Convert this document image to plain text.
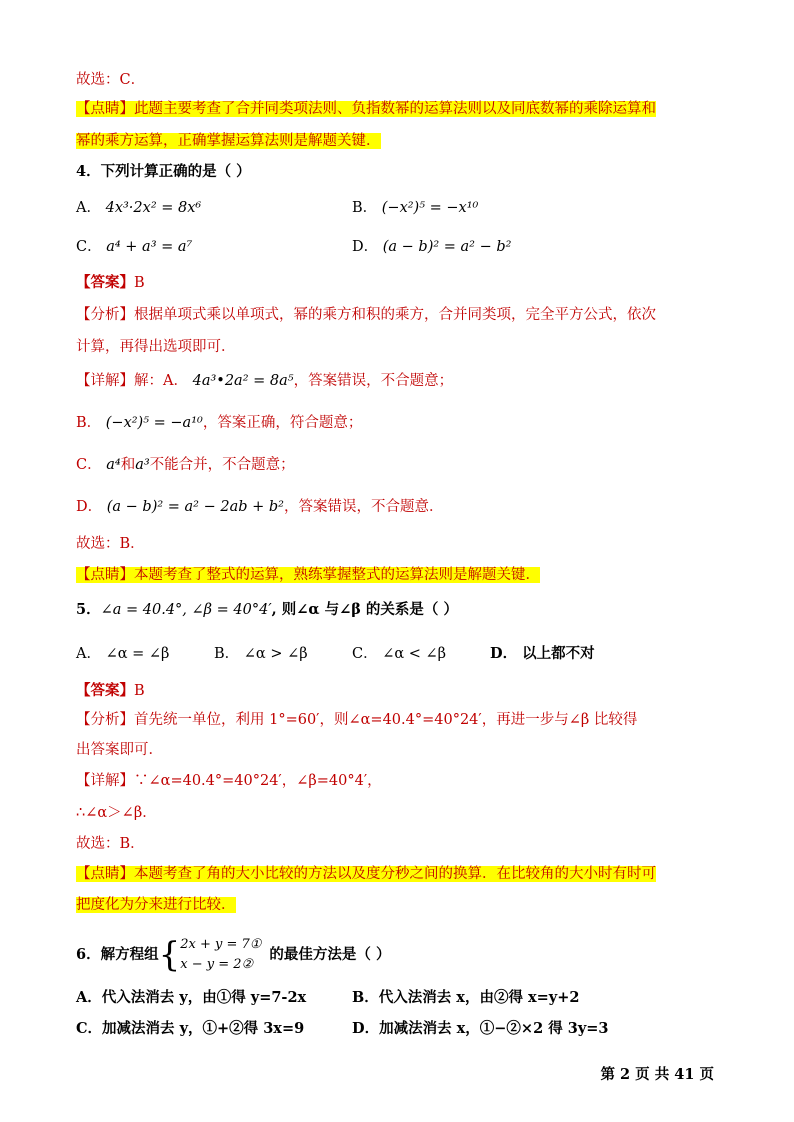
故选：C．
【点睛】此题主要考查了合并同类项法则、负指数幂的运算法则以及同底数幂的乘除运算和
幂的乘方运算，正确掌握运算法则是解题关键．
4．下列计算正确的是（ ）
A． 4x³·2x² = 8x⁶	B． (−x²)⁵ = −x¹⁰
C． a⁴ + a³ = a⁷	D． (a − b)² = a² − b²
【答案】B
【分析】根据单项式乘以单项式，幂的乘方和积的乘方，合并同类项，完全平方公式，依次
计算，再得出选项即可．
【详解】解：A． 4a³•2a² = 8a⁵，答案错误，不合题意；
B． (−x²)⁵ = −a¹⁰，答案正确，符合题意；
C． a⁴和a³不能合并，不合题意；
D． (a − b)² = a² − 2ab + b²，答案错误，不合题意．
故选：B．
【点睛】本题考查了整式的运算，熟练掌握整式的运算法则是解题关键．
5．∠a = 40.4°, ∠β = 40°4′, 则∠α 与∠β 的关系是（ ）
A． ∠α = ∠β	B． ∠α > ∠β	C． ∠α < ∠β	D． 以上都不对
【答案】B
【分析】首先统一单位，利用 1°=60′，则∠α=40.4°=40°24′，再进一步与∠β 比较得
出答案即可．
【详解】∵∠α=40.4°=40°24′，∠β=40°4′，
∴∠α＞∠β．
故选：B．
【点睛】本题考查了角的大小比较的方法以及度分秒之间的换算．在比较角的大小时有时可
把度化为分来进行比较．
6．解方程组{ 2x + y = 7①
x − y = 2②
的最佳方法是（ ）
A．代入法消去 y，由①得 y=7-2x	B．代入法消去 x，由②得 x=y+2
C．加减法消去 y，①+②得 3x=9	D．加减法消去 x，①−②×2 得 3y=3
第 2 页 共 41 页
